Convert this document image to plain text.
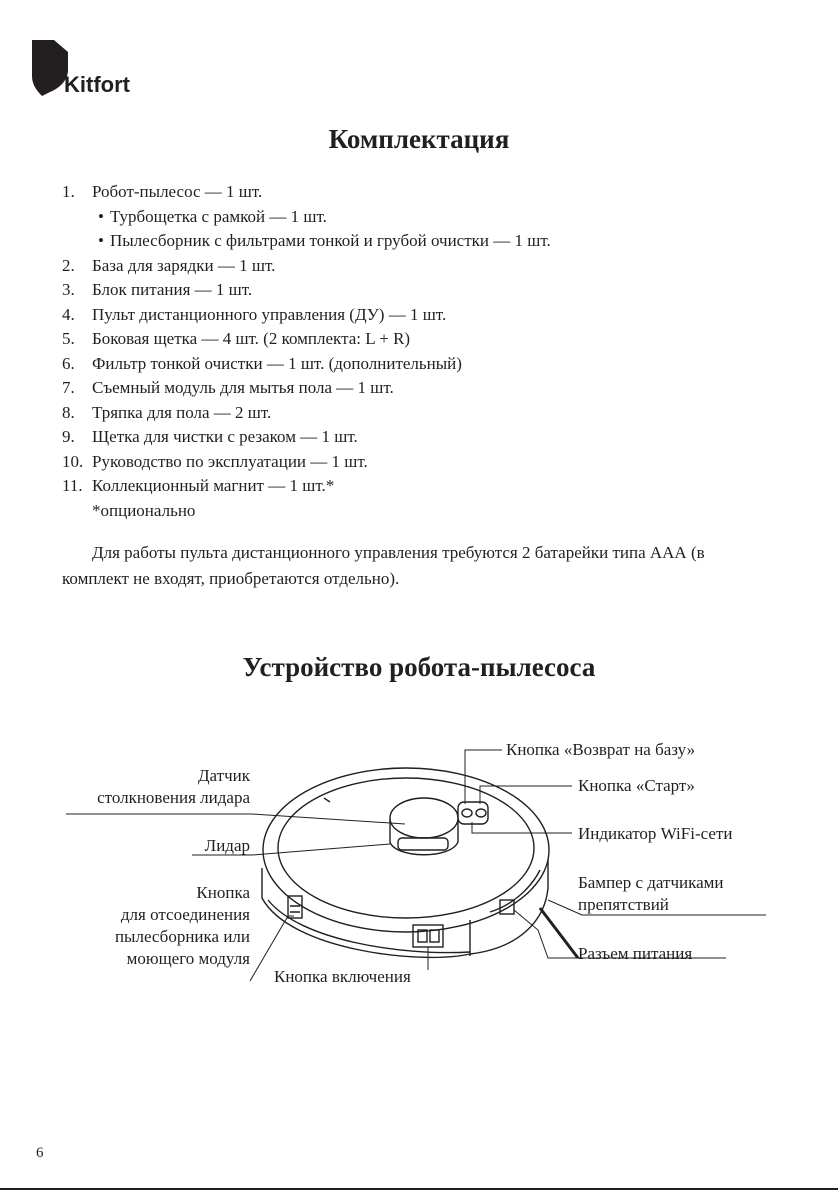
Kitfort
Комплектация
1. Робот-пылесос — 1 шт.
• Турбощетка с рамкой — 1 шт.
• Пылесборник с фильтрами тонкой и грубой очистки — 1 шт.
2. База для зарядки — 1 шт.
3. Блок питания — 1 шт.
4. Пульт дистанционного управления (ДУ) — 1 шт.
5. Боковая щетка — 4 шт. (2 комплекта: L + R)
6. Фильтр тонкой очистки — 1 шт. (дополнительный)
7. Съемный модуль для мытья пола — 1 шт.
8. Тряпка для пола — 2 шт.
9. Щетка для чистки с резаком — 1 шт.
10. Руководство по эксплуатации — 1 шт.
11. Коллекционный магнит — 1 шт.*
*опционально

Для работы пульта дистанционного управления требуются 2 батарейки типа ААА (в комплект не входят, приобретаются отдельно).

Устройство робота-пылесоса
Датчик
столкновения лидара
Лидар
Кнопка
для отсоединения
пылесборника или
моющего модуля
Кнопка включения
Кнопка «Возврат на базу»
Кнопка «Старт»
Индикатор WiFi-сети
Бампер с датчиками
препятствий
Разъем питания
6
